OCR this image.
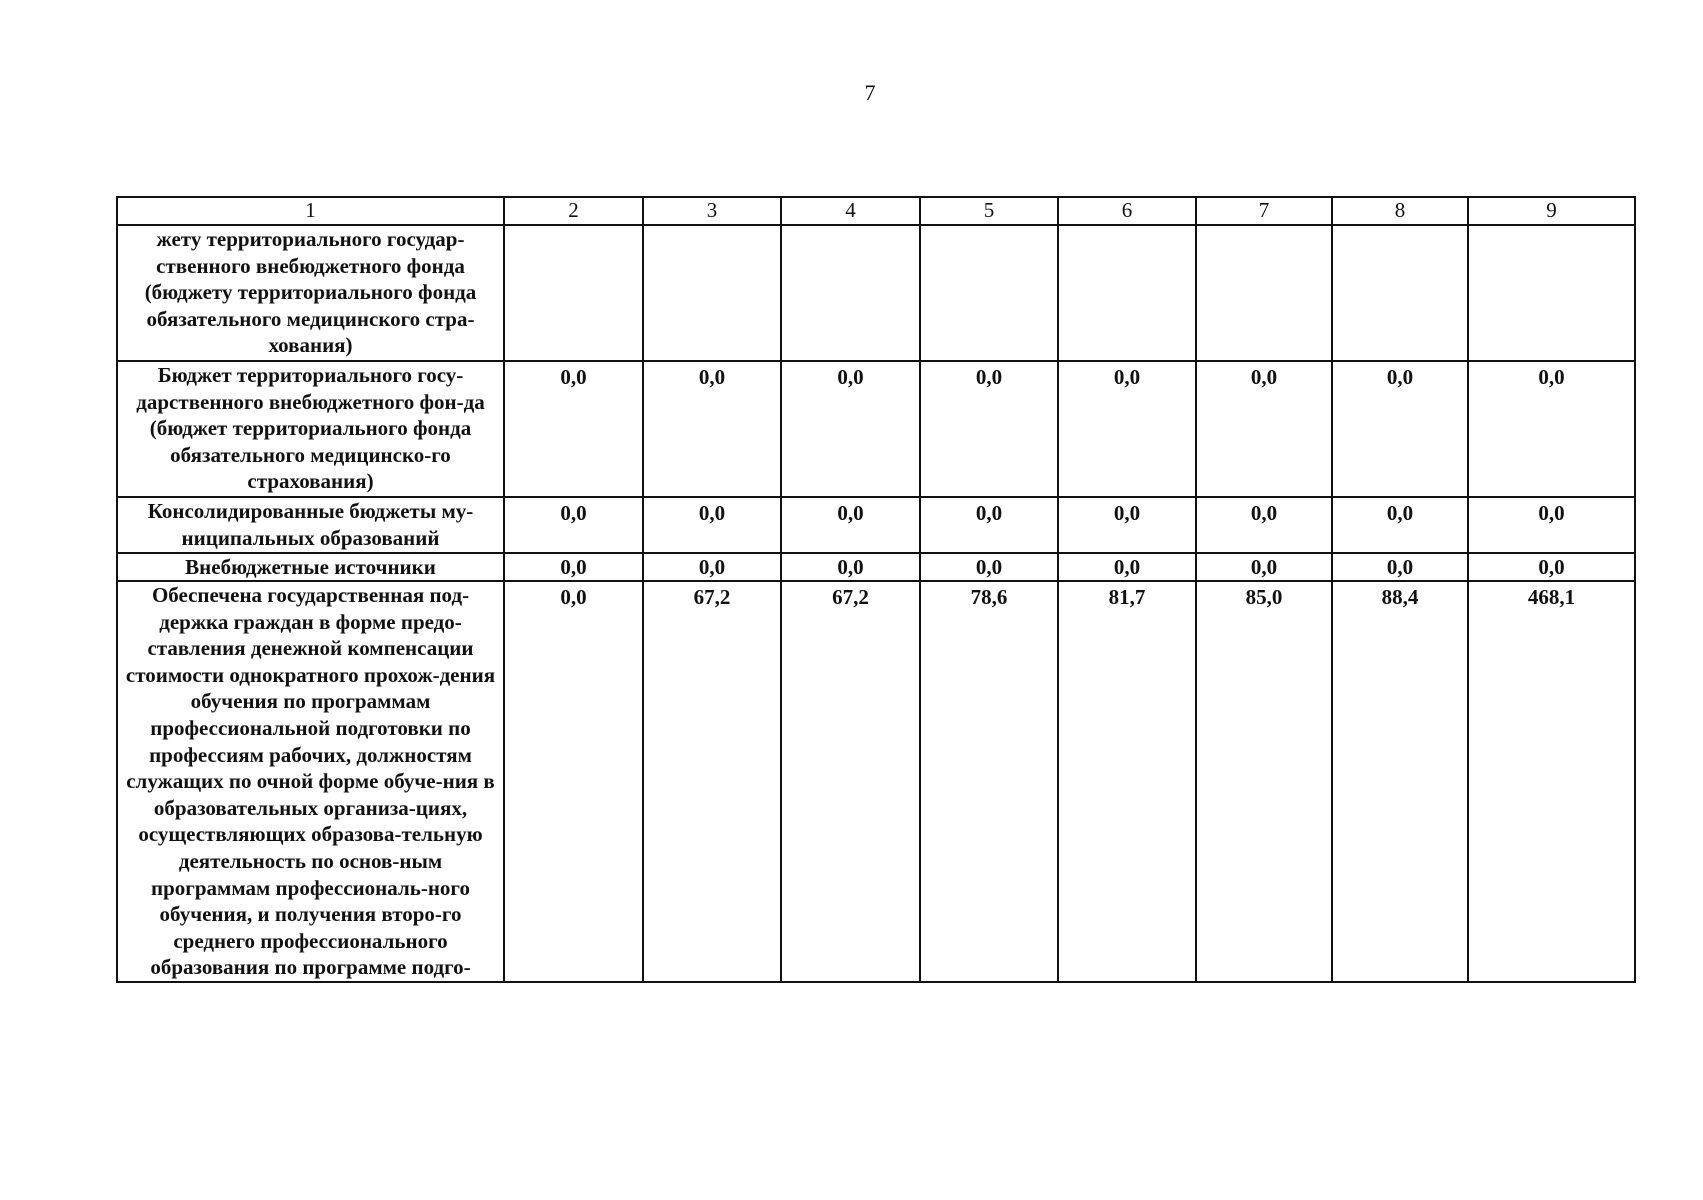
7
1	2	3	4	5	6	7	8	9
жету территориального государ-ственного внебюджетного фонда (бюджету территориального фонда обязательного медицинского стра-хования)								
Бюджет территориального госу-дарственного внебюджетного фон-да (бюджет территориального фонда обязательного медицинско-го страхования)	0,0	0,0	0,0	0,0	0,0	0,0	0,0	0,0
Консолидированные бюджеты му-ниципальных образований	0,0	0,0	0,0	0,0	0,0	0,0	0,0	0,0
Внебюджетные источники	0,0	0,0	0,0	0,0	0,0	0,0	0,0	0,0
Обеспечена государственная под-держка граждан в форме предо-ставления денежной компенсации стоимости однократного прохож-дения обучения по программам профессиональной подготовки по профессиям рабочих, должностям служащих по очной форме обуче-ния в образовательных организа-циях, осуществляющих образова-тельную деятельность по основ-ным программам профессиональ-ного обучения, и получения второ-го среднего профессионального образования по программе подго-	0,0	67,2	67,2	78,6	81,7	85,0	88,4	468,1
